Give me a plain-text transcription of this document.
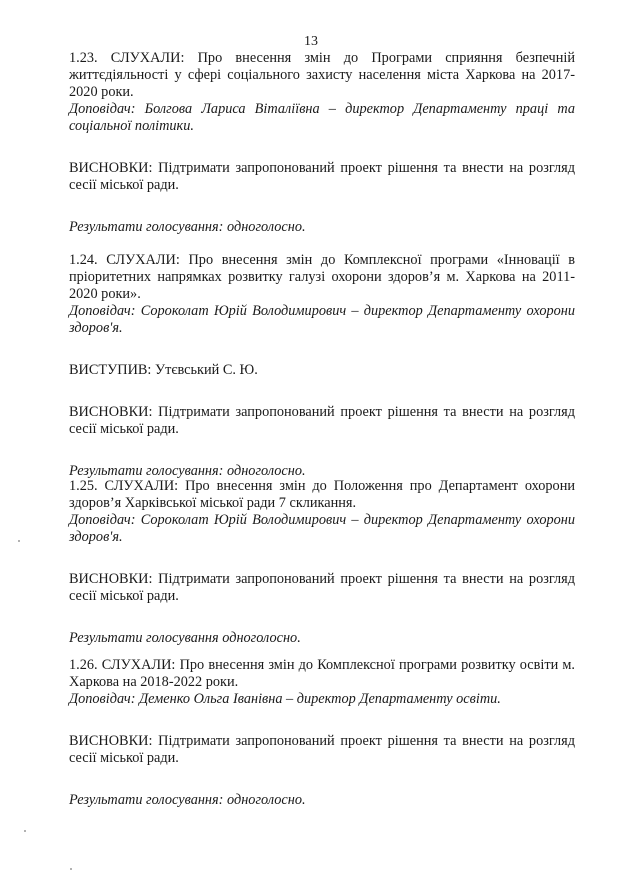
13

1.23. СЛУХАЛИ: Про внесення змін до Програми сприяння безпечній життєдіяльності у сфері соціального захисту населення міста Харкова на 2017-2020 роки.

Доповідач: Болгова Лариса Віталіївна – директор Департаменту праці та соціальної політики.

ВИСНОВКИ: Підтримати запропонований проект рішення та внести на розгляд сесії міської ради.

Результати голосування: одноголосно.

1.24. СЛУХАЛИ: Про внесення змін до Комплексної програми «Інновації в пріоритетних напрямках розвитку галузі охорони здоров’я м. Харкова на 2011-2020 роки».

Доповідач: Сороколат Юрій Володимирович – директор Департаменту охорони здоров'я.

ВИСТУПИВ: Утєвський С. Ю.

ВИСНОВКИ: Підтримати запропонований проект рішення та внести на розгляд сесії міської ради.

Результати голосування: одноголосно.

1.25. СЛУХАЛИ: Про внесення змін до Положення про Департамент охорони здоров’я Харківської міської ради 7 скликання.

Доповідач: Сороколат Юрій Володимирович – директор Департаменту охорони здоров'я.

ВИСНОВКИ: Підтримати запропонований проект рішення та внести на розгляд сесії міської ради.

Результати голосування одноголосно.

1.26. СЛУХАЛИ: Про внесення змін до Комплексної програми розвитку освіти м. Харкова на 2018-2022 роки.

Доповідач: Деменко Ольга Іванівна – директор Департаменту освіти.

ВИСНОВКИ: Підтримати запропонований проект рішення та внести на розгляд сесії міської ради.

Результати голосування: одноголосно.
